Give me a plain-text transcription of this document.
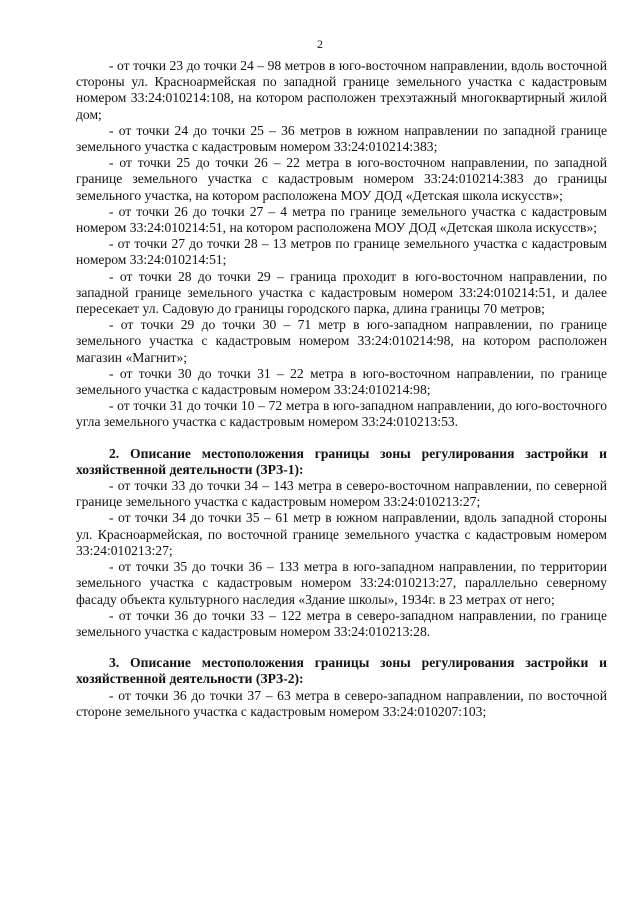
2

- от точки 23 до точки 24 – 98 метров в юго-восточном направлении, вдоль восточной стороны ул. Красноармейская по западной границе земельного участка с кадастровым номером 33:24:010214:108, на котором расположен трехэтажный многоквартирный жилой дом;

- от точки 24 до точки 25 – 36 метров в южном направлении по западной границе земельного участка с кадастровым номером 33:24:010214:383;

- от точки 25 до точки 26 – 22 метра в юго-восточном направлении, по западной границе земельного участка с кадастровым номером 33:24:010214:383 до границы земельного участка, на котором расположена МОУ ДОД «Детская школа искусств»;

- от точки 26 до точки 27 – 4 метра по границе земельного участка с кадастровым номером 33:24:010214:51, на котором расположена МОУ ДОД «Детская школа искусств»;

- от точки 27 до точки 28 – 13 метров по границе земельного участка с кадастровым номером 33:24:010214:51;

- от точки 28 до точки 29 – граница проходит в юго-восточном направлении, по западной границе земельного участка с кадастровым номером 33:24:010214:51, и далее пересекает ул. Садовую до границы городского парка, длина границы 70 метров;

- от точки 29 до точки 30 – 71 метр в юго-западном направлении, по границе земельного участка с кадастровым номером 33:24:010214:98, на котором расположен магазин «Магнит»;

- от точки 30 до точки 31 – 22 метра в юго-восточном направлении, по границе земельного участка с кадастровым номером 33:24:010214:98;

- от точки 31 до точки 10 – 72 метра в юго-западном направлении, до юго-восточного угла земельного участка с кадастровым номером 33:24:010213:53.

2. Описание местоположения границы зоны регулирования застройки и хозяйственной деятельности (ЗРЗ-1):

- от точки 33 до точки 34 – 143 метра в северо-восточном направлении, по северной границе земельного участка с кадастровым номером 33:24:010213:27;

- от точки 34 до точки 35 – 61 метр в южном направлении, вдоль западной стороны ул. Красноармейская, по восточной границе земельного участка с кадастровым номером 33:24:010213:27;

- от точки 35 до точки 36 – 133 метра в юго-западном направлении, по территории земельного участка с кадастровым номером 33:24:010213:27, параллельно северному фасаду объекта культурного наследия «Здание школы», 1934г. в 23 метрах от него;

- от точки 36 до точки 33 – 122 метра в северо-западном направлении, по границе земельного участка с кадастровым номером 33:24:010213:28.

3. Описание местоположения границы зоны регулирования застройки и хозяйственной деятельности (ЗРЗ-2):

- от точки 36 до точки 37 – 63 метра в северо-западном направлении, по восточной стороне земельного участка с кадастровым номером 33:24:010207:103;
